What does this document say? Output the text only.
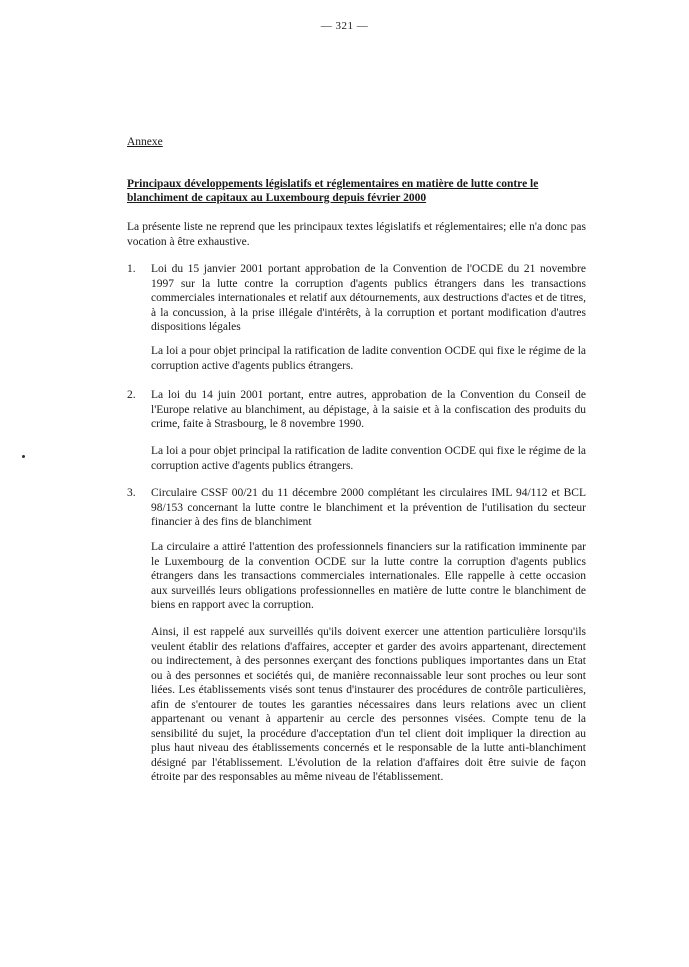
— 321 —
Annexe
Principaux développements législatifs et réglementaires en matière de lutte contre le blanchiment de capitaux au Luxembourg depuis février 2000
La présente liste ne reprend que les principaux textes législatifs et réglementaires; elle n'a donc pas vocation à être exhaustive.
1. Loi du 15 janvier 2001 portant approbation de la Convention de l'OCDE du 21 novembre 1997 sur la lutte contre la corruption d'agents publics étrangers dans les transactions commerciales internationales et relatif aux détournements, aux destructions d'actes et de titres, à la concussion, à la prise illégale d'intérêts, à la corruption et portant modification d'autres dispositions légales
La loi a pour objet principal la ratification de ladite convention OCDE qui fixe le régime de la corruption active d'agents publics étrangers.
2. La loi du 14 juin 2001 portant, entre autres, approbation de la Convention du Conseil de l'Europe relative au blanchiment, au dépistage, à la saisie et à la confiscation des produits du crime, faite à Strasbourg, le 8 novembre 1990.
La loi a pour objet principal la ratification de ladite convention OCDE qui fixe le régime de la corruption active d'agents publics étrangers.
3. Circulaire CSSF 00/21 du 11 décembre 2000 complétant les circulaires IML 94/112 et BCL 98/153 concernant la lutte contre le blanchiment et la prévention de l'utilisation du secteur financier à des fins de blanchiment
La circulaire a attiré l'attention des professionnels financiers sur la ratification imminente par le Luxembourg de la convention OCDE sur la lutte contre la corruption d'agents publics étrangers dans les transactions commerciales internationales. Elle rappelle à cette occasion aux surveillés leurs obligations professionnelles en matière de lutte contre le blanchiment de biens en rapport avec la corruption.
Ainsi, il est rappelé aux surveillés qu'ils doivent exercer une attention particulière lorsqu'ils veulent établir des relations d'affaires, accepter et garder des avoirs appartenant, directement ou indirectement, à des personnes exerçant des fonctions publiques importantes dans un Etat ou à des personnes et sociétés qui, de manière reconnaissable leur sont proches ou leur sont liées. Les établissements visés sont tenus d'instaurer des procédures de contrôle particulières, afin de s'entourer de toutes les garanties nécessaires dans leurs relations avec un client appartenant ou venant à appartenir au cercle des personnes visées. Compte tenu de la sensibilité du sujet, la procédure d'acceptation d'un tel client doit impliquer la direction au plus haut niveau des établissements concernés et le responsable de la lutte anti-blanchiment désigné par l'établissement. L'évolution de la relation d'affaires doit être suivie de façon étroite par des responsables au même niveau de l'établissement.
